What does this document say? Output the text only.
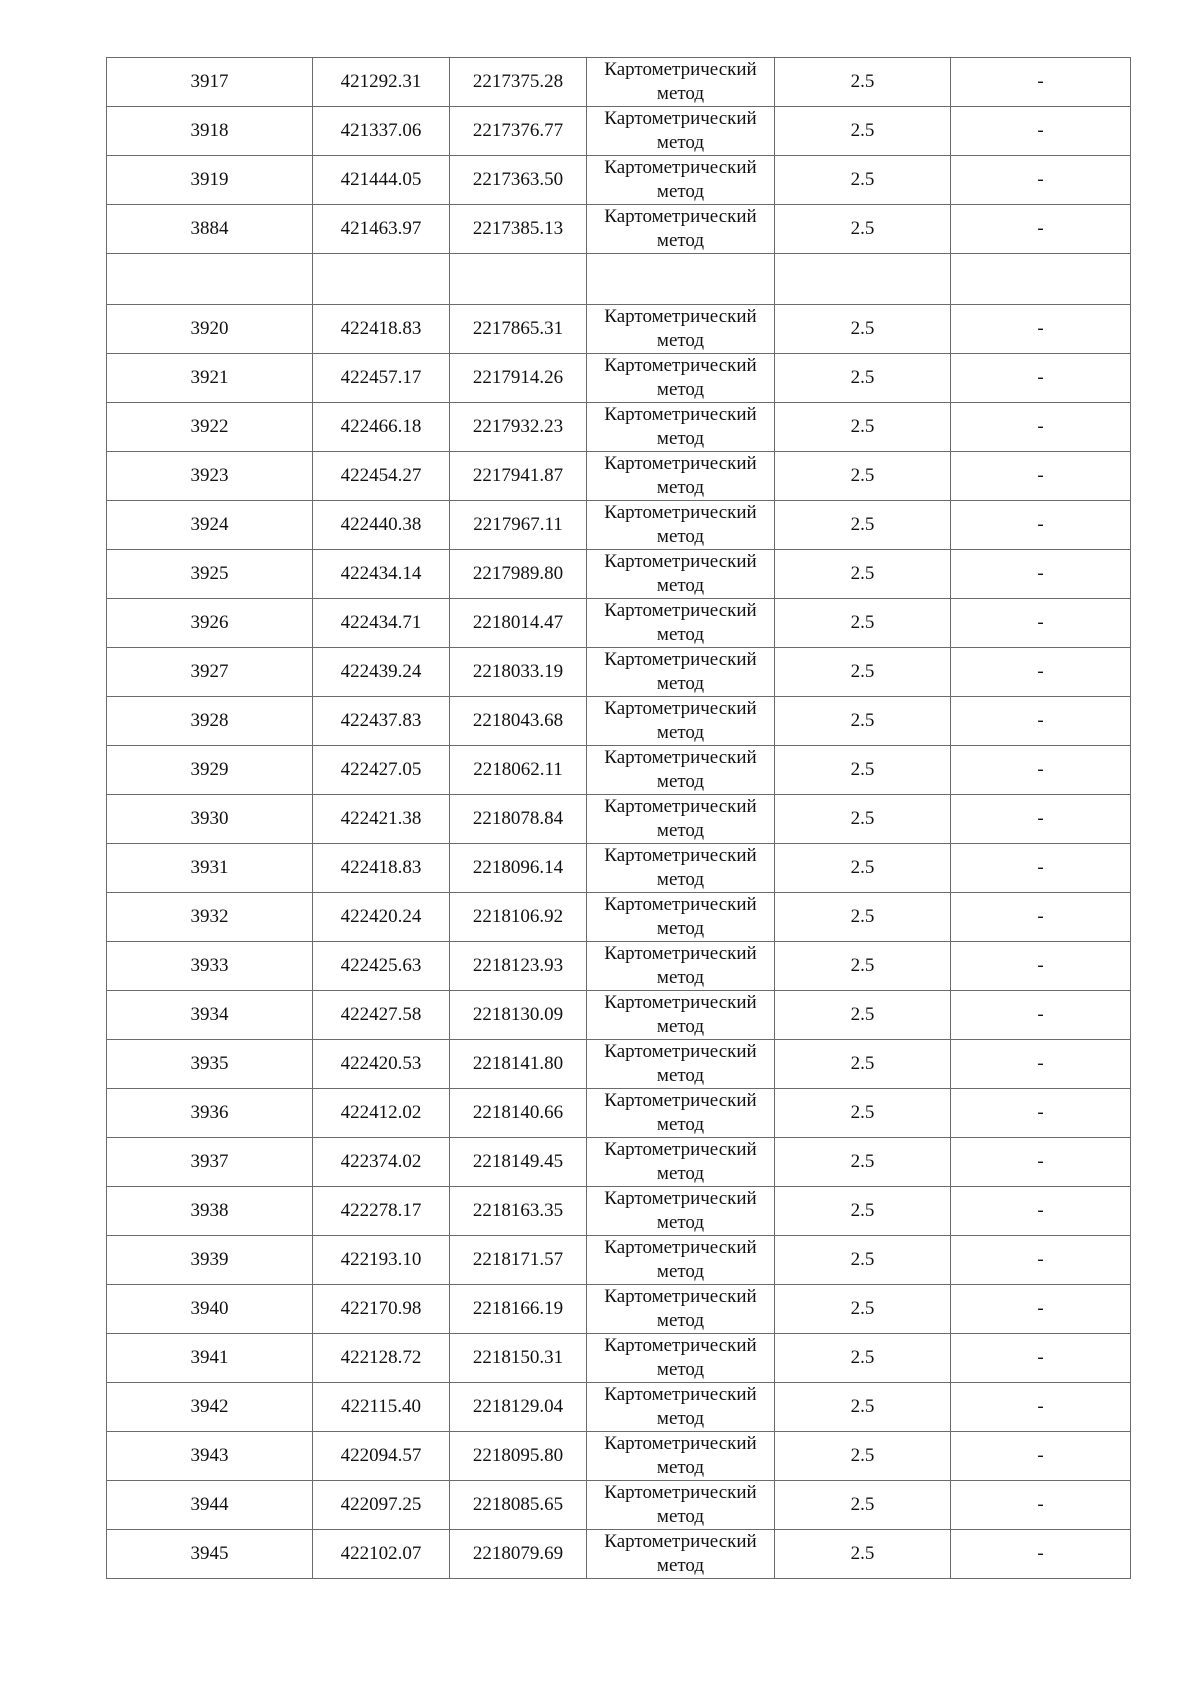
3917	421292.31	2217375.28	Картометрический
метод	2.5	-
3918	421337.06	2217376.77	Картометрический
метод	2.5	-
3919	421444.05	2217363.50	Картометрический
метод	2.5	-
3884	421463.97	2217385.13	Картометрический
метод	2.5	-

3920	422418.83	2217865.31	Картометрический
метод	2.5	-
3921	422457.17	2217914.26	Картометрический
метод	2.5	-
3922	422466.18	2217932.23	Картометрический
метод	2.5	-
3923	422454.27	2217941.87	Картометрический
метод	2.5	-
3924	422440.38	2217967.11	Картометрический
метод	2.5	-
3925	422434.14	2217989.80	Картометрический
метод	2.5	-
3926	422434.71	2218014.47	Картометрический
метод	2.5	-
3927	422439.24	2218033.19	Картометрический
метод	2.5	-
3928	422437.83	2218043.68	Картометрический
метод	2.5	-
3929	422427.05	2218062.11	Картометрический
метод	2.5	-
3930	422421.38	2218078.84	Картометрический
метод	2.5	-
3931	422418.83	2218096.14	Картометрический
метод	2.5	-
3932	422420.24	2218106.92	Картометрический
метод	2.5	-
3933	422425.63	2218123.93	Картометрический
метод	2.5	-
3934	422427.58	2218130.09	Картометрический
метод	2.5	-
3935	422420.53	2218141.80	Картометрический
метод	2.5	-
3936	422412.02	2218140.66	Картометрический
метод	2.5	-
3937	422374.02	2218149.45	Картометрический
метод	2.5	-
3938	422278.17	2218163.35	Картометрический
метод	2.5	-
3939	422193.10	2218171.57	Картометрический
метод	2.5	-
3940	422170.98	2218166.19	Картометрический
метод	2.5	-
3941	422128.72	2218150.31	Картометрический
метод	2.5	-
3942	422115.40	2218129.04	Картометрический
метод	2.5	-
3943	422094.57	2218095.80	Картометрический
метод	2.5	-
3944	422097.25	2218085.65	Картометрический
метод	2.5	-
3945	422102.07	2218079.69	Картометрический
метод	2.5	-
